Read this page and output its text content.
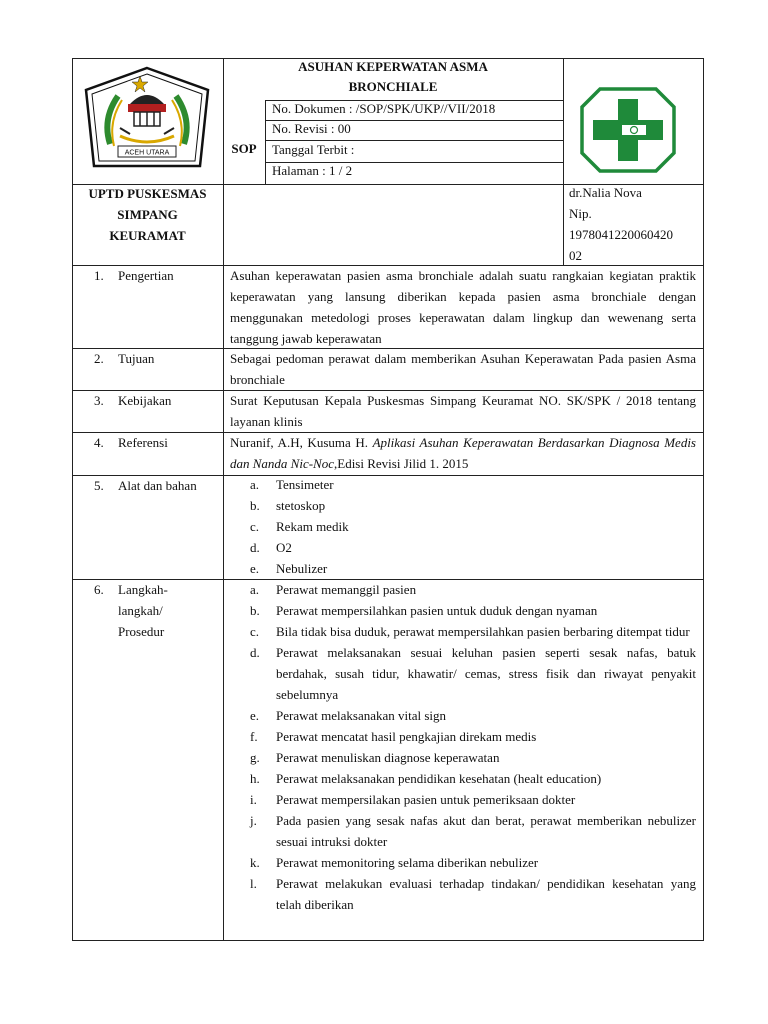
ACEH UTARA
ASUHAN KEPERWATAN ASMA
BRONCHIALE
SOP
No. Dokumen : /SOP/SPK/UKP//VII/2018
No. Revisi : 00
Tanggal Terbit :
Halaman : 1 / 2
UPTD PUSKESMAS
SIMPANG
KEURAMAT
dr.Nalia Nova
Nip.
1978041220060420
02
1. Pengertian	Asuhan keperawatan pasien asma bronchiale adalah suatu rangkaian kegiatan praktik keperawatan yang lansung diberikan kepada pasien asma bronchiale dengan menggunakan metedologi proses keperawatan dalam lingkup dan wewenang serta tanggung jawab keperawatan
2. Tujuan	Sebagai pedoman perawat dalam memberikan Asuhan Keperawatan Pada pasien Asma bronchiale
3. Kebijakan	Surat Keputusan Kepala Puskesmas Simpang Keuramat NO. SK/SPK / 2018 tentang layanan klinis
4. Referensi	Nuranif, A.H, Kusuma H. Aplikasi Asuhan Keperawatan Berdasarkan Diagnosa Medis dan Nanda Nic-Noc,Edisi Revisi Jilid 1. 2015
5. Alat dan bahan	a.	Tensimeter
b.	stetoskop
c.	Rekam medik
d.	O2
e.	Nebulizer
6. Langkah-
langkah/
Prosedur
a.	Perawat memanggil pasien
b.	Perawat mempersilahkan pasien untuk duduk dengan nyaman
c.	Bila tidak bisa duduk, perawat mempersilahkan pasien berbaring ditempat tidur
d.	Perawat melaksanakan sesuai keluhan pasien seperti sesak nafas, batuk berdahak, susah tidur, khawatir/ cemas, stress fisik dan riwayat penyakit sebelumnya
e.	Perawat melaksanakan vital sign
f.	Perawat mencatat hasil pengkajian direkam medis
g.	Perawat menuliskan diagnose keperawatan
h.	Perawat melaksanakan pendidikan kesehatan (healt education)
i.	Perawat mempersilakan pasien untuk pemeriksaan dokter
j.	Pada pasien yang sesak nafas akut dan berat, perawat memberikan nebulizer sesuai intruksi dokter
k.	Perawat memonitoring selama diberikan nebulizer
l.	Perawat melakukan evaluasi terhadap tindakan/ pendidikan kesehatan yang telah diberikan
